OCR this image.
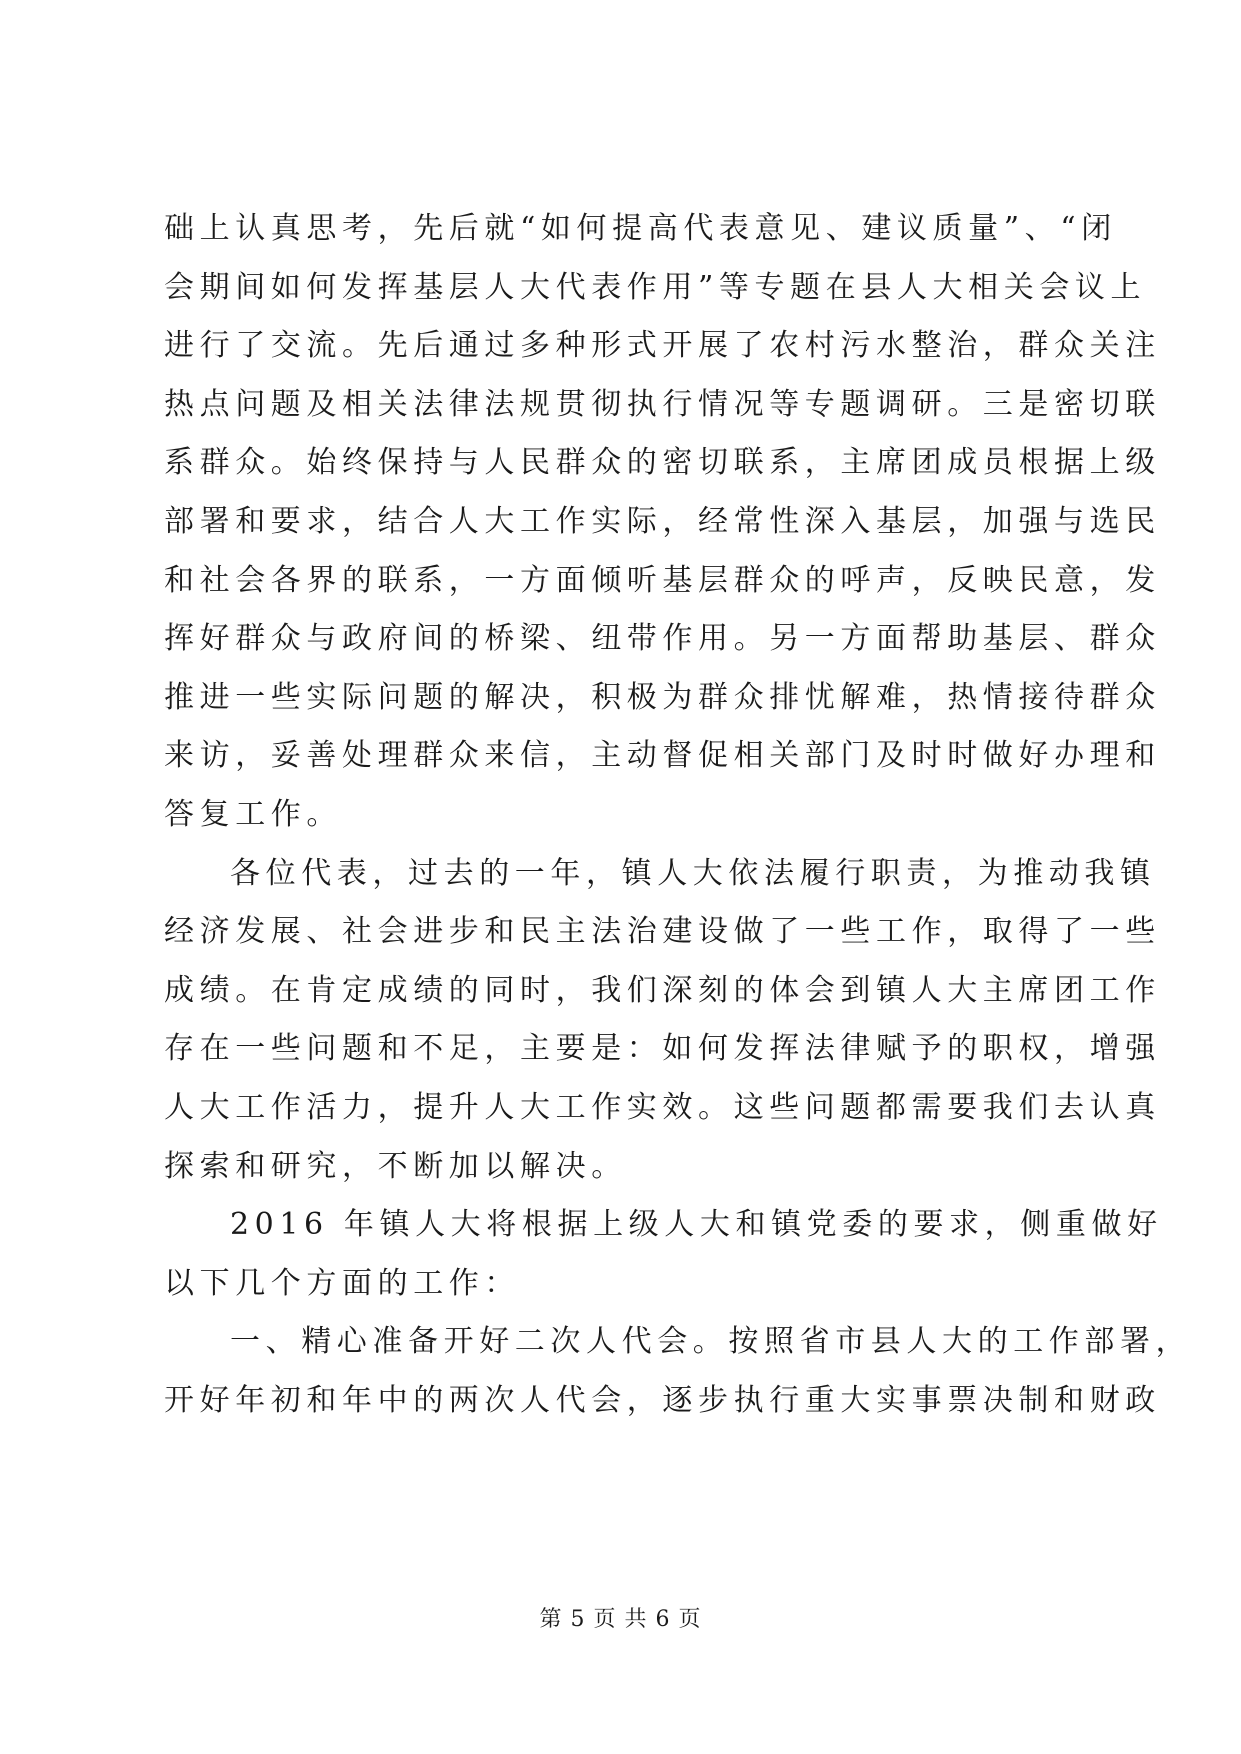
础上认真思考，先后就“如何提高代表意见、建议质量”、“闭
会期间如何发挥基层人大代表作用”等专题在县人大相关会议上
进行了交流。先后通过多种形式开展了农村污水整治，群众关注
热点问题及相关法律法规贯彻执行情况等专题调研。三是密切联
系群众。始终保持与人民群众的密切联系，主席团成员根据上级
部署和要求，结合人大工作实际，经常性深入基层，加强与选民
和社会各界的联系，一方面倾听基层群众的呼声，反映民意，发
挥好群众与政府间的桥梁、纽带作用。另一方面帮助基层、群众
推进一些实际问题的解决，积极为群众排忧解难，热情接待群众
来访，妥善处理群众来信，主动督促相关部门及时时做好办理和
答复工作。
各位代表，过去的一年，镇人大依法履行职责，为推动我镇
经济发展、社会进步和民主法治建设做了一些工作，取得了一些
成绩。在肯定成绩的同时，我们深刻的体会到镇人大主席团工作
存在一些问题和不足，主要是：如何发挥法律赋予的职权，增强
人大工作活力，提升人大工作实效。这些问题都需要我们去认真
探索和研究，不断加以解决。
2016 年镇人大将根据上级人大和镇党委的要求，侧重做好
以下几个方面的工作：
一、精心准备开好二次人代会。按照省市县人大的工作部署，
开好年初和年中的两次人代会，逐步执行重大实事票决制和财政
第 5 页 共 6 页
